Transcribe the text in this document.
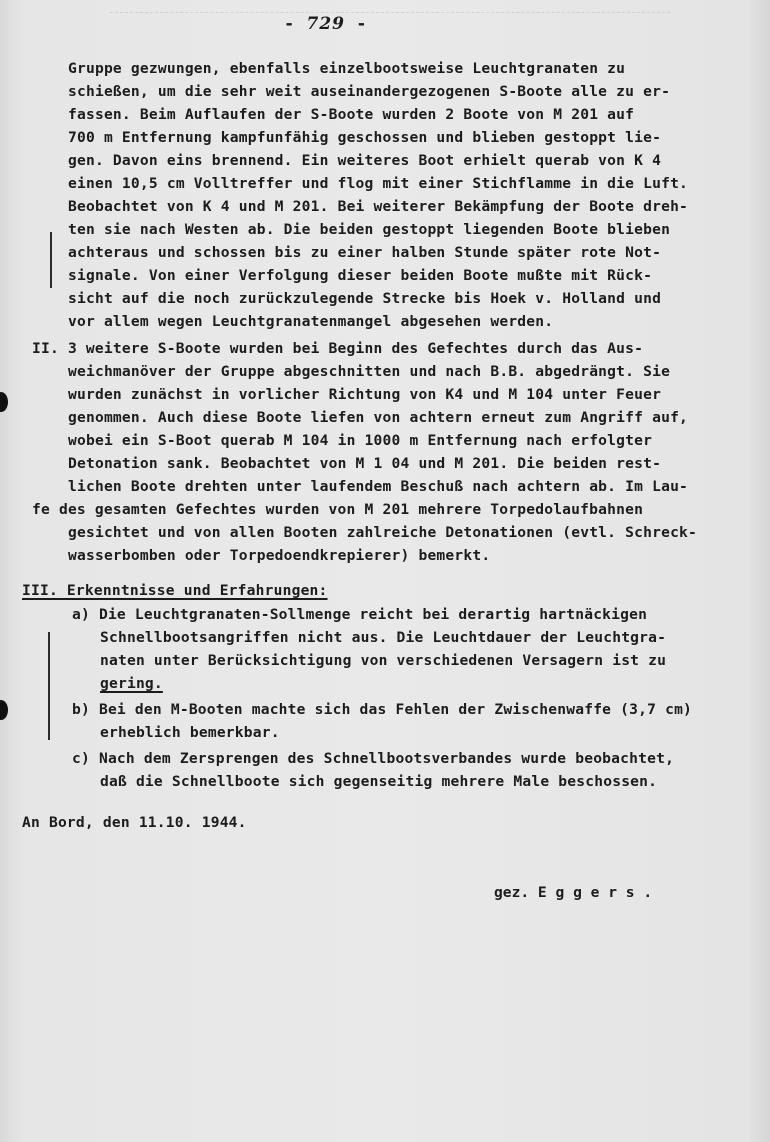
- 729 -
Gruppe gezwungen, ebenfalls einzelbootsweise Leuchtgranaten zu
schießen, um die sehr weit auseinandergezogenen S-Boote alle zu er-
fassen. Beim Auflaufen der S-Boote wurden 2 Boote von M 201 auf
700 m Entfernung kampfunfähig geschossen und blieben gestoppt lie-
gen. Davon eins brennend. Ein weiteres Boot erhielt querab von K 4
einen 10,5 cm Volltreffer und flog mit einer Stichflamme in die Luft.
Beobachtet von K 4 und M 201. Bei weiterer Bekämpfung der Boote dreh-
ten sie nach Westen ab. Die beiden gestoppt liegenden Boote blieben
achteraus und schossen bis zu einer halben Stunde später rote Not-
signale. Von einer Verfolgung dieser beiden Boote mußte mit Rück-
sicht auf die noch zurückzulegende Strecke bis Hoek v. Holland und
vor allem wegen Leuchtgranatenmangel abgesehen werden.
II. 3 weitere S-Boote wurden bei Beginn des Gefechtes durch das Aus-
weichmanöver der Gruppe abgeschnitten und nach B.B. abgedrängt. Sie
wurden zunächst in vorlicher Richtung von K4 und M 104 unter Feuer
genommen. Auch diese Boote liefen von achtern erneut zum Angriff auf,
wobei ein S-Boot querab M 104 in 1000 m Entfernung nach erfolgter
Detonation sank. Beobachtet von M 1 04 und M 201. Die beiden rest-
lichen Boote drehten unter laufendem Beschuß nach achtern ab. Im Lau-
fe des gesamten Gefechtes wurden von M 201 mehrere Torpedolaufbahnen
gesichtet und von allen Booten zahlreiche Detonationen (evtl. Schreck-
wasserbomben oder Torpedoendkrepierer) bemerkt.
III. Erkenntnisse und Erfahrungen:
a) Die Leuchtgranaten-Sollmenge reicht bei derartig hartnäckigen
Schnellbootsangriffen nicht aus. Die Leuchtdauer der Leuchtgra-
naten unter Berücksichtigung von verschiedenen Versagern ist zu
gering.
b) Bei den M-Booten machte sich das Fehlen der Zwischenwaffe (3,7 cm)
erheblich bemerkbar.
c) Nach dem Zersprengen des Schnellbootsverbandes wurde beobachtet,
daß die Schnellboote sich gegenseitig mehrere Male beschossen.
An Bord, den 11.10. 1944.
gez. E g g e r s .
